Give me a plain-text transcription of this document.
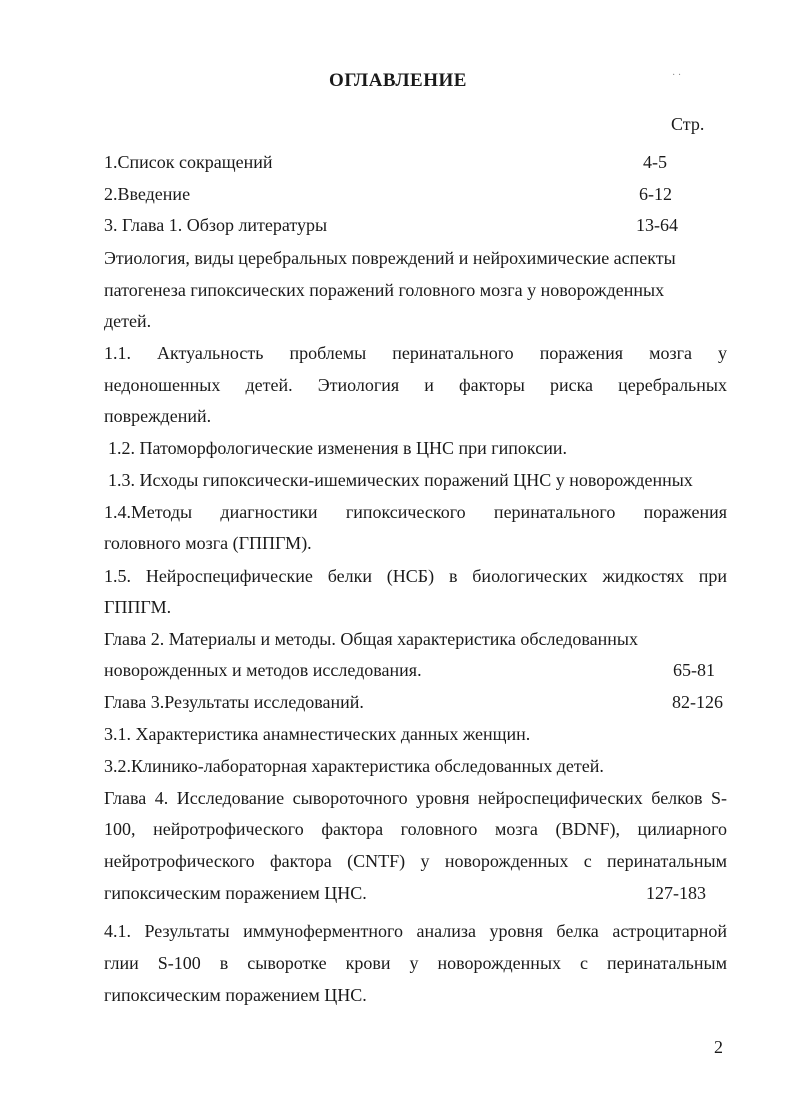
ОГЛАВЛЕНИЕ	· ·
Стр.
1.Список сокращений	4-5
2.Введение	6-12
3. Глава 1. Обзор литературы	13-64
Этиология, виды церебральных повреждений и нейрохимические аспекты
патогенеза гипоксических поражений головного мозга у новорожденных
детей.
1.1. Актуальность проблемы перинатального поражения мозга у
недоношенных детей. Этиология и факторы риска церебральных
повреждений.
1.2. Патоморфологические изменения в ЦНС при гипоксии.
1.3. Исходы гипоксически-ишемических поражений ЦНС у новорожденных
1.4.Методы диагностики гипоксического перинатального поражения
головного мозга (ГППГМ).
1.5. Нейроспецифические белки (НСБ) в биологических жидкостях при
ГППГМ.
Глава 2. Материалы и методы. Общая характеристика обследованных
новорожденных и методов исследования.	65-81
Глава 3.Результаты исследований.	82-126
3.1. Характеристика анамнестических данных женщин.
3.2.Клинико-лабораторная характеристика обследованных детей.
Глава 4. Исследование сывороточного уровня нейроспецифических белков S-
100, нейротрофического фактора головного мозга (BDNF), цилиарного
нейротрофического фактора (CNTF) у новорожденных с перинатальным
гипоксическим поражением ЦНС.	127-183
4.1. Результаты иммуноферментного анализа уровня белка астроцитарной
глии S-100 в сыворотке крови у новорожденных с перинатальным
гипоксическим поражением ЦНС.
2
